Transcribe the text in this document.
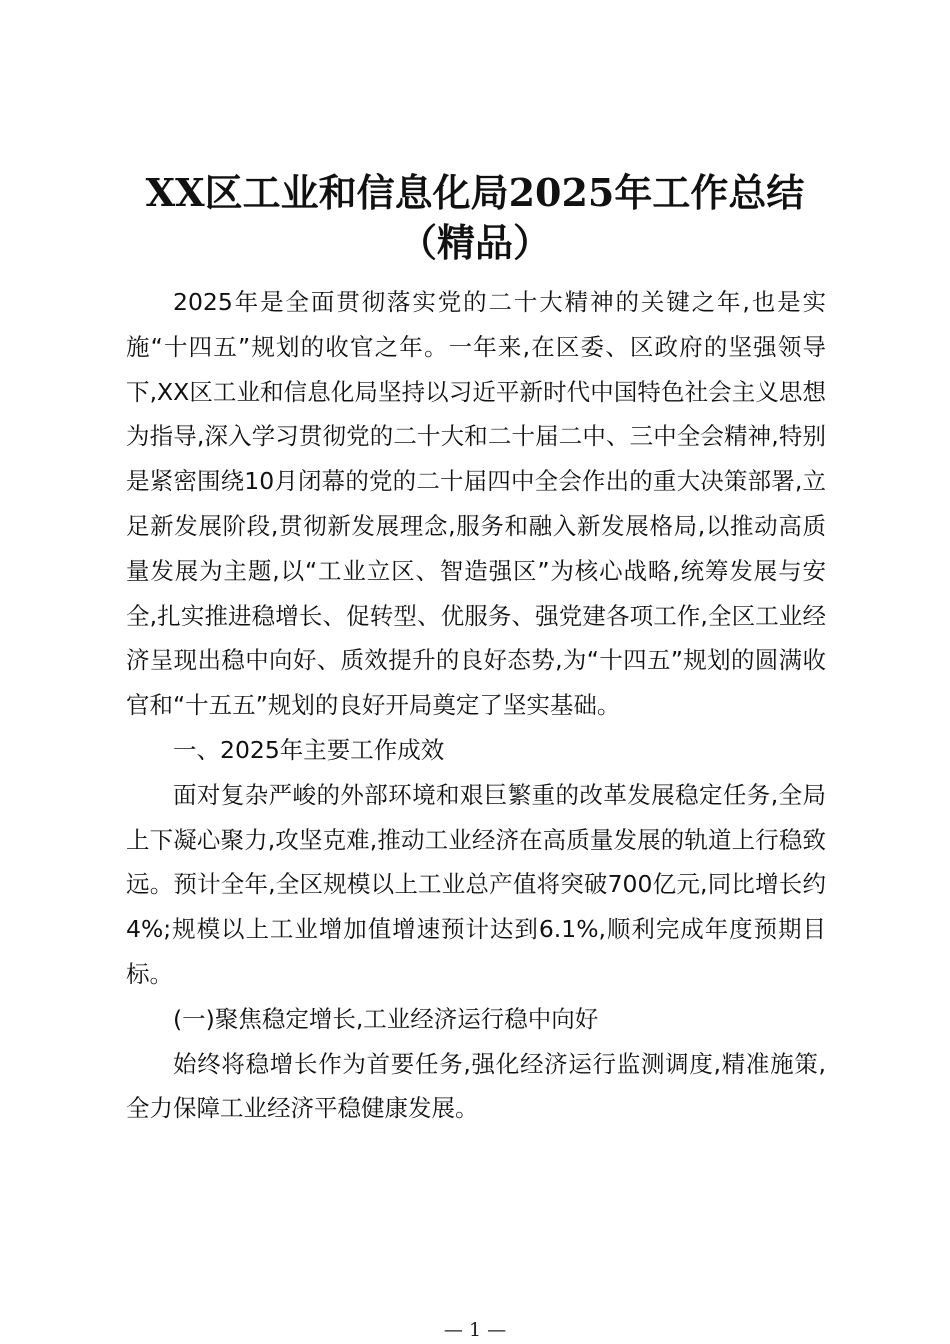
XX区工业和信息化局2025年工作总结
（精品）

2025年是全面贯彻落实党的二十大精神的关键之年,也是实施“十四五”规划的收官之年。一年来,在区委、区政府的坚强领导下,XX区工业和信息化局坚持以习近平新时代中国特色社会主义思想为指导,深入学习贯彻党的二十大和二十届二中、三中全会精神,特别是紧密围绕10月闭幕的党的二十届四中全会作出的重大决策部署,立足新发展阶段,贯彻新发展理念,服务和融入新发展格局,以推动高质量发展为主题,以“工业立区、智造强区”为核心战略,统筹发展与安全,扎实推进稳增长、促转型、优服务、强党建各项工作,全区工业经济呈现出稳中向好、质效提升的良好态势,为“十四五”规划的圆满收官和“十五五”规划的良好开局奠定了坚实基础。

一、2025年主要工作成效

面对复杂严峻的外部环境和艰巨繁重的改革发展稳定任务,全局上下凝心聚力,攻坚克难,推动工业经济在高质量发展的轨道上行稳致远。预计全年,全区规模以上工业总产值将突破700亿元,同比增长约4%;规模以上工业增加值增速预计达到6.1%,顺利完成年度预期目标。

(一)聚焦稳定增长,工业经济运行稳中向好

始终将稳增长作为首要任务,强化经济运行监测调度,精准施策,全力保障工业经济平稳健康发展。

— 1 —
